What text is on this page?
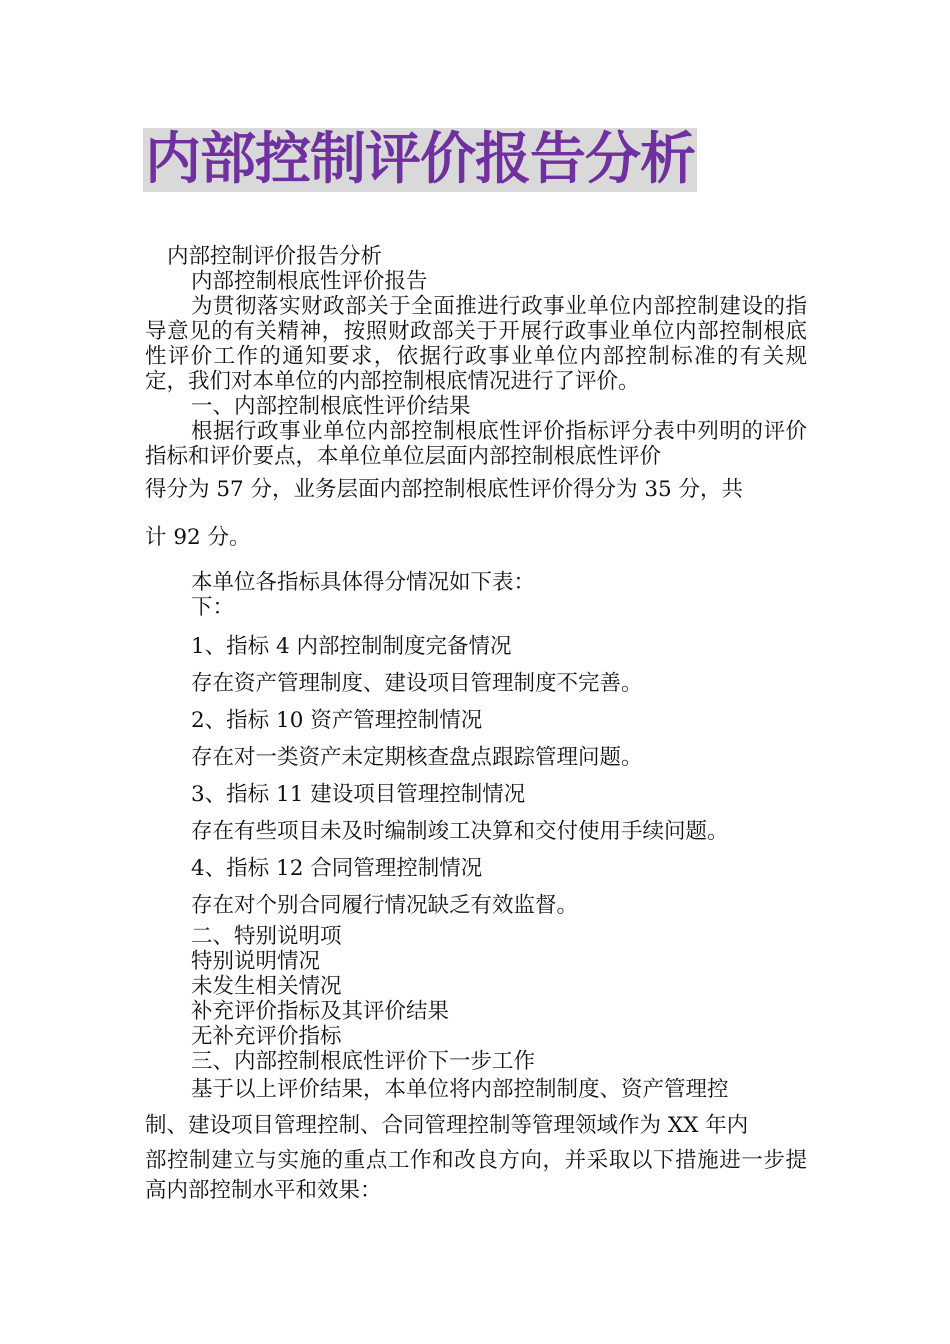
内部控制评价报告分析

内部控制评价报告分析

内部控制根底性评价报告

为贯彻落实财政部关于全面推进行政事业单位内部控制建设的指导意见的有关精神，按照财政部关于开展行政事业单位内部控制根底性评价工作的通知要求，依据行政事业单位内部控制标准的有关规定，我们对本单位的内部控制根底情况进行了评价。

一、内部控制根底性评价结果

根据行政事业单位内部控制根底性评价指标评分表中列明的评价指标和评价要点，本单位单位层面内部控制根底性评价

得分为 57 分，业务层面内部控制根底性评价得分为 35 分，共

计 92 分。

本单位各指标具体得分情况如下表：

下：

1、指标 4 内部控制制度完备情况

存在资产管理制度、建设项目管理制度不完善。

2、指标 10 资产管理控制情况

存在对一类资产未定期核查盘点跟踪管理问题。

3、指标 11 建设项目管理控制情况

存在有些项目未及时编制竣工决算和交付使用手续问题。

4、指标 12 合同管理控制情况

存在对个别合同履行情况缺乏有效监督。

二、特别说明项

特别说明情况

未发生相关情况

补充评价指标及其评价结果

无补充评价指标

三、内部控制根底性评价下一步工作

基于以上评价结果，本单位将内部控制制度、资产管理控

制、建设项目管理控制、合同管理控制等管理领域作为 XX 年内

部控制建立与实施的重点工作和改良方向，并采取以下措施进一步提高内部控制水平和效果：
